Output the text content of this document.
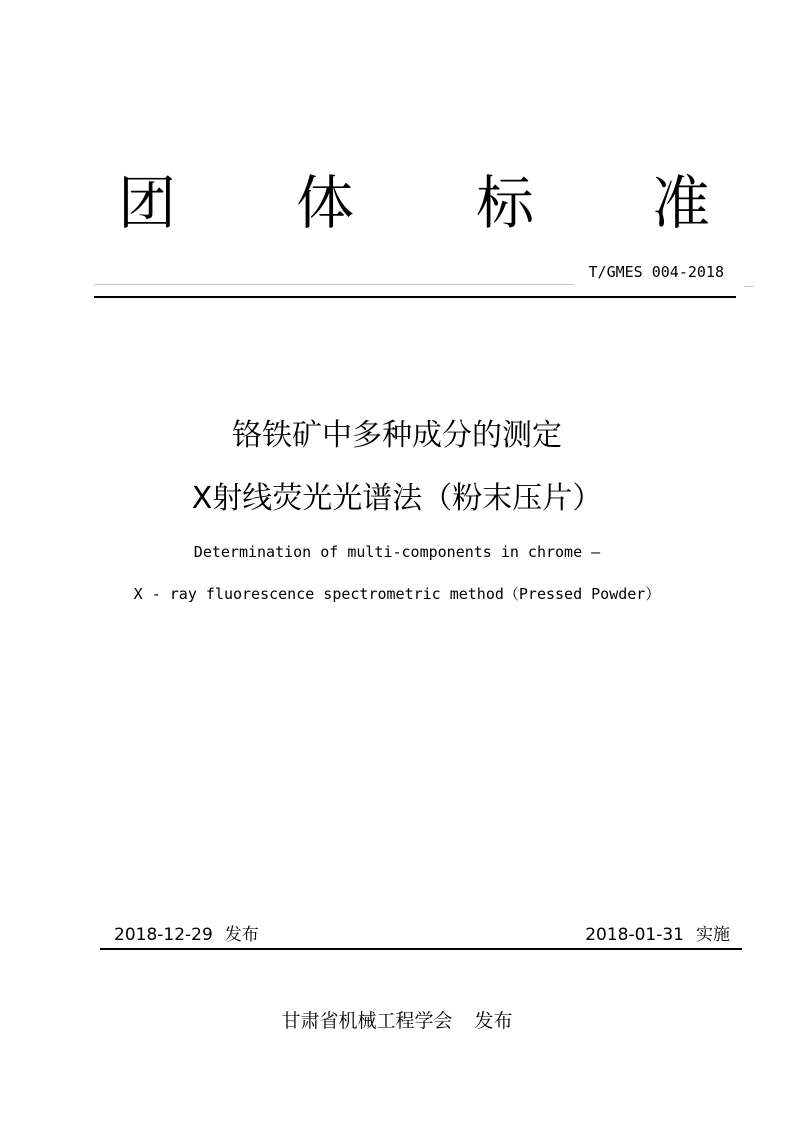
团 体 标 准
T/GMES 004-2018
铬铁矿中多种成分的测定
X射线荧光光谱法（粉末压片）
Determination of multi-components in chrome —
X - ray fluorescence spectrometric method（Pressed Powder）
2018-12-29 发布	2018-01-31 实施
甘肃省机械工程学会 发布
